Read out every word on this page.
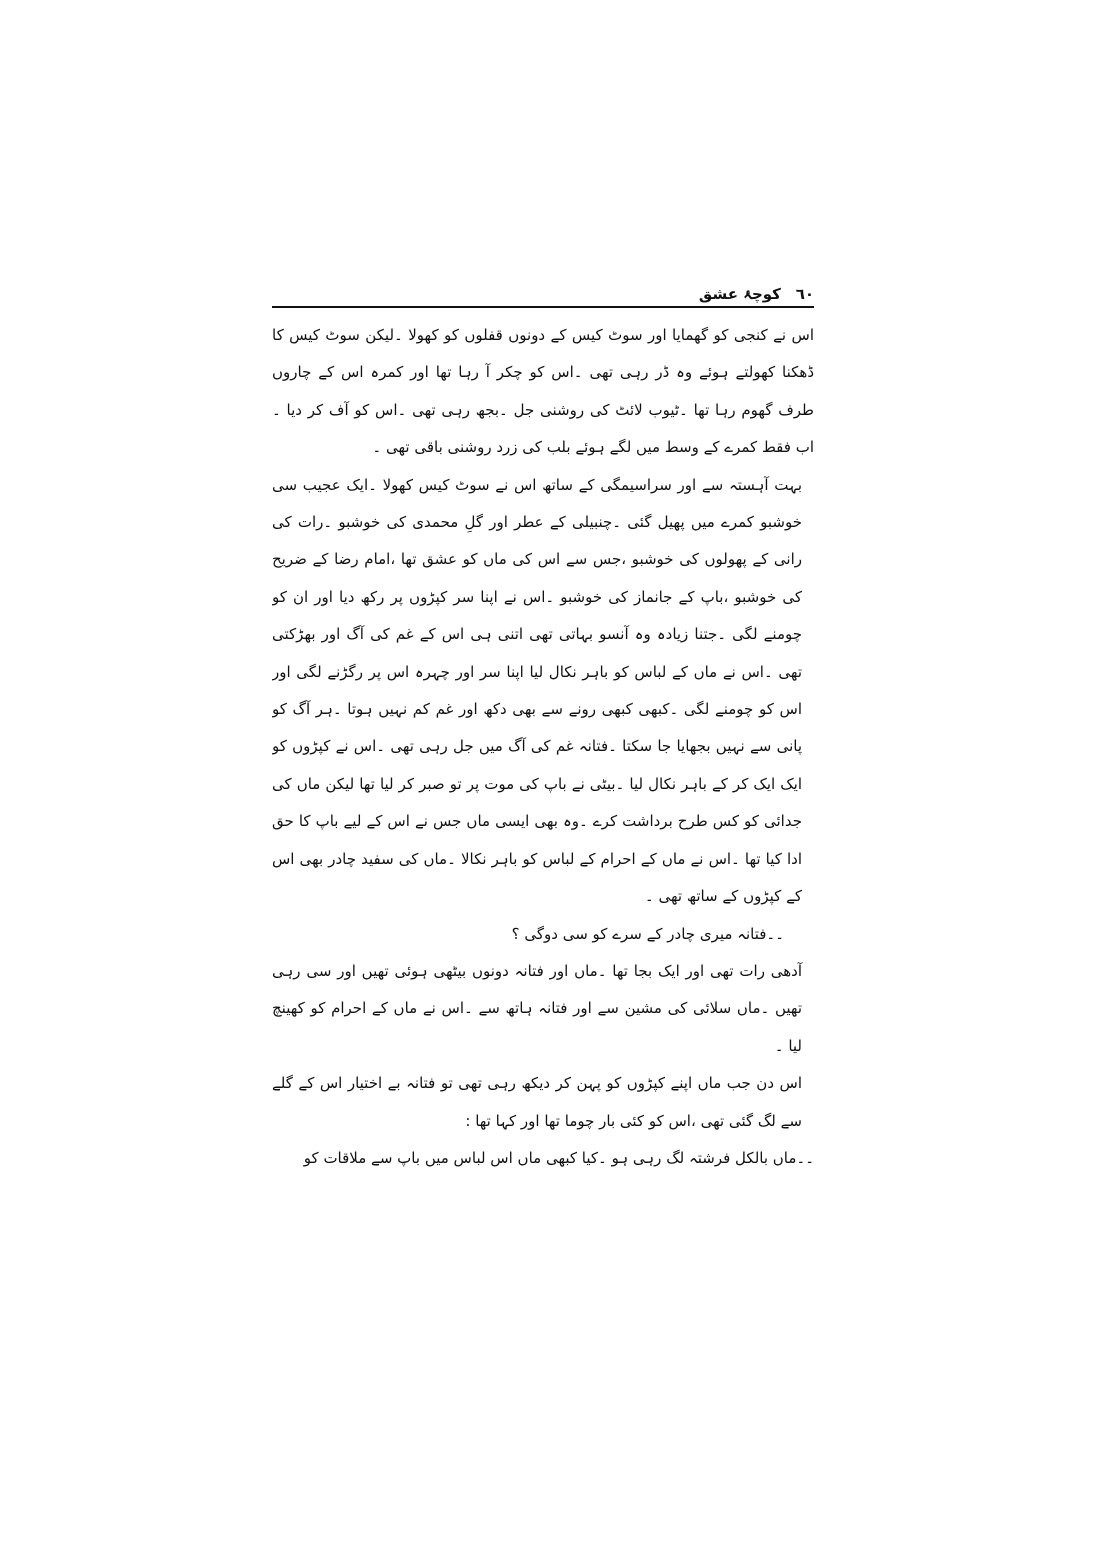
٦٠ کوچۂ عشق

اس نے کنجی کو گھمایا اور سوٹ کیس کے دونوں قفلوں کو کھولا ۔لیکن سوٹ کیس کا ڈھکنا کھولتے ہوئے وہ ڈر رہی تھی ۔اس کو چکر آ رہا تھا اور کمرہ اس کے چاروں طرف گھوم رہا تھا ۔ٹیوب لائٹ کی روشنی جل ۔بجھ رہی تھی ۔اس کو آف کر دیا ۔اب فقط کمرے کے وسط میں لگے ہوئے بلب کی زرد روشنی باقی تھی ۔

بہت آہستہ سے اور سراسیمگی کے ساتھ اس نے سوٹ کیس کھولا ۔ایک عجیب سی خوشبو کمرے میں پھیل گئی ۔چنبیلی کے عطر اور گلِ محمدی کی خوشبو ۔رات کی رانی کے پھولوں کی خوشبو ،جس سے اس کی ماں کو عشق تھا ،امام رضا کے ضریح کی خوشبو ،باپ کے جانماز کی خوشبو ۔اس نے اپنا سر کپڑوں پر رکھ دیا اور ان کو چومنے لگی ۔جتنا زیادہ وہ آنسو بہاتی تھی اتنی ہی اس کے غم کی آگ اور بھڑکتی تھی ۔اس نے ماں کے لباس کو باہر نکال لیا اپنا سر اور چہرہ اس پر رگڑنے لگی اور اس کو چومنے لگی ۔کبھی کبھی رونے سے بھی دکھ اور غم کم نہیں ہوتا ۔ہر آگ کو پانی سے نہیں بجھایا جا سکتا ۔فتانہ غم کی آگ میں جل رہی تھی ۔اس نے کپڑوں کو ایک ایک کر کے باہر نکال لیا ۔بیٹی نے باپ کی موت پر تو صبر کر لیا تھا لیکن ماں کی جدائی کو کس طرح برداشت کرے ۔وہ بھی ایسی ماں جس نے اس کے لیے باپ کا حق ادا کیا تھا ۔اس نے ماں کے احرام کے لباس کو باہر نکالا ۔ماں کی سفید چادر بھی اس کے کپڑوں کے ساتھ تھی ۔

۔۔فتانہ میری چادر کے سرے کو سی دوگی ؟

آدھی رات تھی اور ایک بجا تھا ۔ماں اور فتانہ دونوں بیٹھی ہوئی تھیں اور سی رہی تھیں ۔ماں سلائی کی مشین سے اور فتانہ ہاتھ سے ۔اس نے ماں کے احرام کو کھینچ لیا ۔

اس دن جب ماں اپنے کپڑوں کو پہن کر دیکھ رہی تھی تو فتانہ بے اختیار اس کے گلے سے لگ گئی تھی ،اس کو کئی بار چوما تھا اور کہا تھا :

۔۔ماں بالکل فرشتہ لگ رہی ہو ۔کیا کبھی ماں اس لباس میں باپ سے ملاقات کو
